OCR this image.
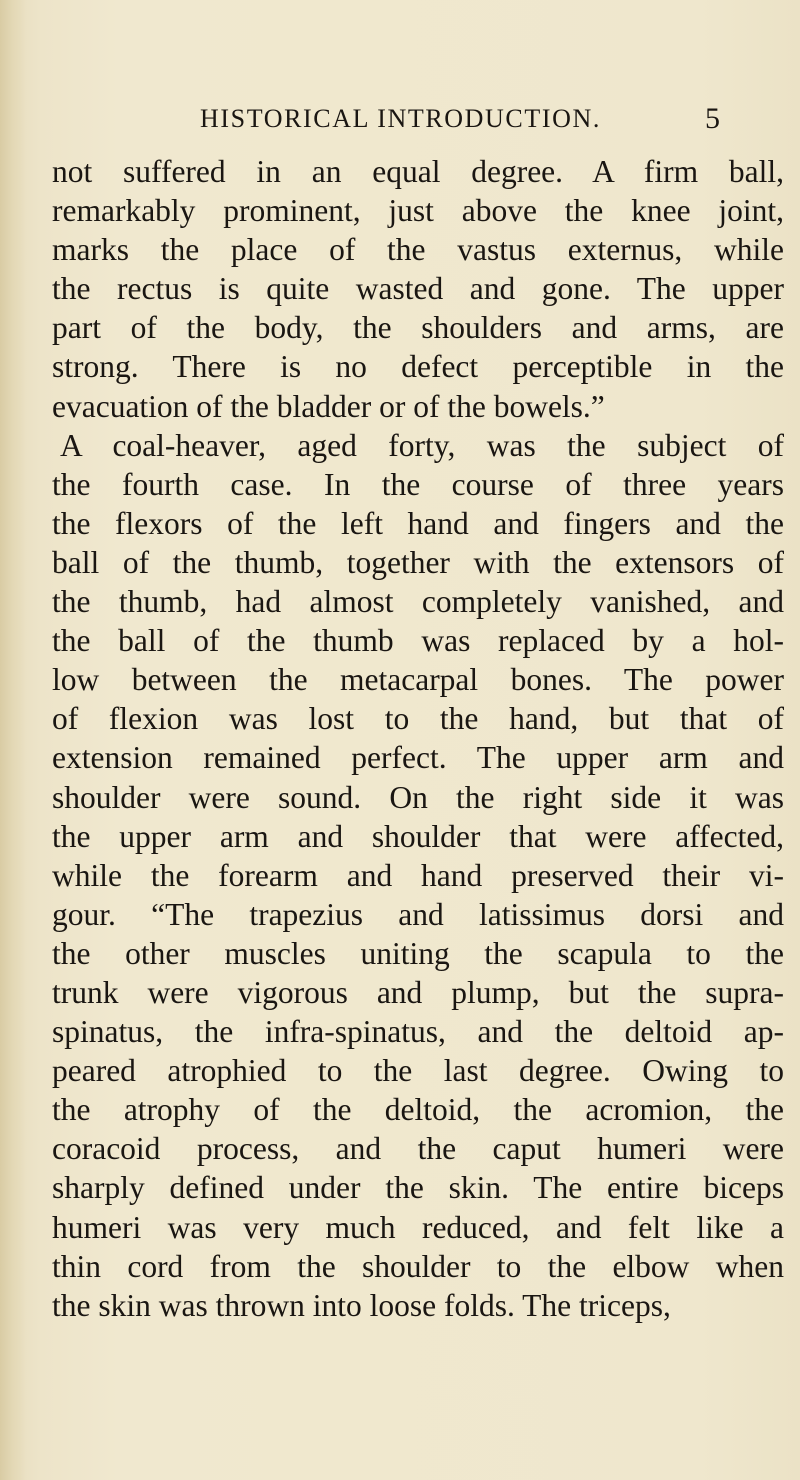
HISTORICAL INTRODUCTION.	5
not suffered in an equal degree. A firm ball,
remarkably prominent, just above the knee joint,
marks the place of the vastus externus, while
the rectus is quite wasted and gone. The upper
part of the body, the shoulders and arms, are
strong. There is no defect perceptible in the
evacuation of the bladder or of the bowels.”
A coal-heaver, aged forty, was the subject of
the fourth case. In the course of three years
the flexors of the left hand and fingers and the
ball of the thumb, together with the extensors of
the thumb, had almost completely vanished, and
the ball of the thumb was replaced by a hol-
low between the metacarpal bones. The power
of flexion was lost to the hand, but that of
extension remained perfect. The upper arm and
shoulder were sound. On the right side it was
the upper arm and shoulder that were affected,
while the forearm and hand preserved their vi-
gour. “The trapezius and latissimus dorsi and
the other muscles uniting the scapula to the
trunk were vigorous and plump, but the supra-
spinatus, the infra-spinatus, and the deltoid ap-
peared atrophied to the last degree. Owing to
the atrophy of the deltoid, the acromion, the
coracoid process, and the caput humeri were
sharply defined under the skin. The entire biceps
humeri was very much reduced, and felt like a
thin cord from the shoulder to the elbow when
the skin was thrown into loose folds. The triceps,
